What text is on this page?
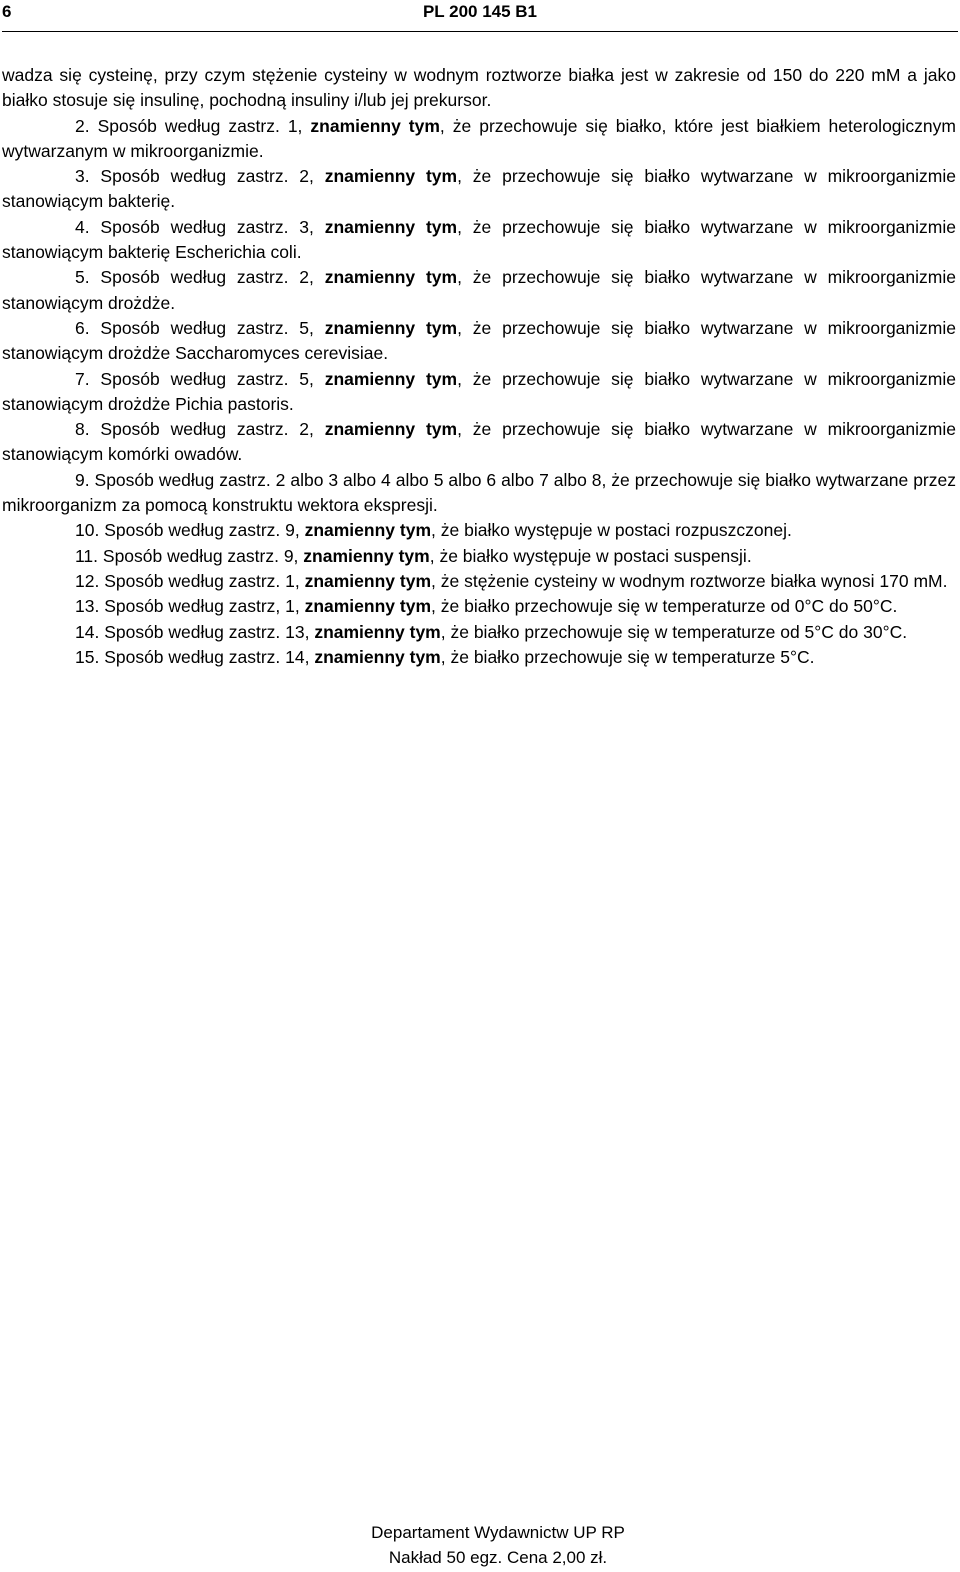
6	PL 200 145 B1

wadza się cysteinę, przy czym stężenie cysteiny w wodnym roztworze białka jest w zakresie od 150 do 220 mM a jako białko stosuje się insulinę, pochodną insuliny i/lub jej prekursor.

2. Sposób według zastrz. 1, znamienny tym, że przechowuje się białko, które jest białkiem heterologicznym wytwarzanym w mikroorganizmie.

3. Sposób według zastrz. 2, znamienny tym, że przechowuje się białko wytwarzane w mikroorganizmie stanowiącym bakterię.

4. Sposób według zastrz. 3, znamienny tym, że przechowuje się białko wytwarzane w mikroorganizmie stanowiącym bakterię Escherichia coli.

5. Sposób według zastrz. 2, znamienny tym, że przechowuje się białko wytwarzane w mikroorganizmie stanowiącym drożdże.

6. Sposób według zastrz. 5, znamienny tym, że przechowuje się białko wytwarzane w mikroorganizmie stanowiącym drożdże Saccharomyces cerevisiae.

7. Sposób według zastrz. 5, znamienny tym, że przechowuje się białko wytwarzane w mikroorganizmie stanowiącym drożdże Pichia pastoris.

8. Sposób według zastrz. 2, znamienny tym, że przechowuje się białko wytwarzane w mikroorganizmie stanowiącym komórki owadów.

9. Sposób według zastrz. 2 albo 3 albo 4 albo 5 albo 6 albo 7 albo 8, że przechowuje się białko wytwarzane przez mikroorganizm za pomocą konstruktu wektora ekspresji.

10. Sposób według zastrz. 9, znamienny tym, że białko występuje w postaci rozpuszczonej.

11. Sposób według zastrz. 9, znamienny tym, że białko występuje w postaci suspensji.

12. Sposób według zastrz. 1, znamienny tym, że stężenie cysteiny w wodnym roztworze białka wynosi 170 mM.

13. Sposób według zastrz, 1, znamienny tym, że białko przechowuje się w temperaturze od 0°C do 50°C.

14. Sposób według zastrz. 13, znamienny tym, że białko przechowuje się w temperaturze od 5°C do 30°C.

15. Sposób według zastrz. 14, znamienny tym, że białko przechowuje się w temperaturze 5°C.

Departament Wydawnictw UP RP
Nakład 50 egz. Cena 2,00 zł.
